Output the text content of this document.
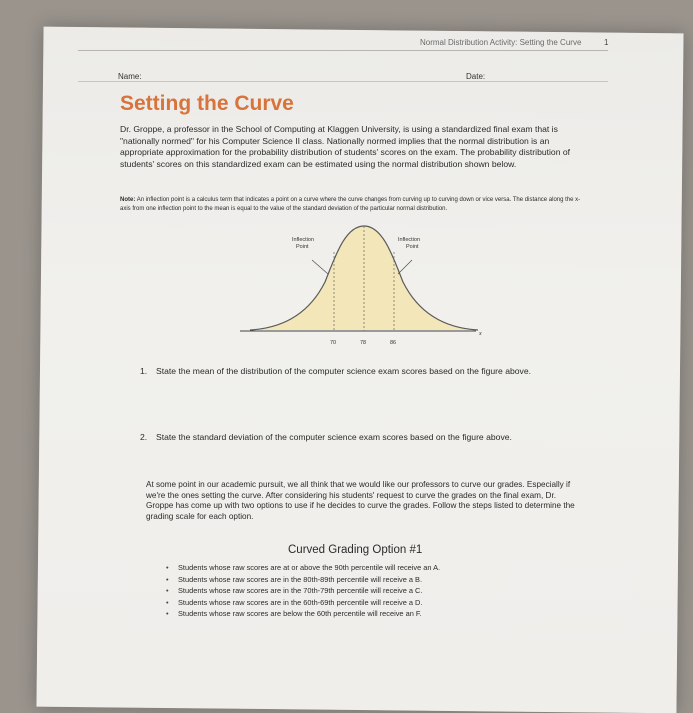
Normal Distribution Activity: Setting the Curve	1
Name:	Date:
Setting the Curve

Dr. Groppe, a professor in the School of Computing at Klaggen University, is using a standardized final exam that is "nationally normed" for his Computer Science II class. Nationally normed implies that the normal distribution is an appropriate approximation for the probability distribution of students' scores on the exam. The probability distribution of students' scores on this standardized exam can be estimated using the normal distribution shown below.

Note: An inflection point is a calculus term that indicates a point on a curve where the curve changes from curving up to curving down or vice versa. The distance along the x-axis from one inflection point to the mean is equal to the value of the standard deviation of the particular normal distribution.

Inflection
Point
Inflection
Point
x
70	78	86
1. State the mean of the distribution of the computer science exam scores based on the figure above.
2. State the standard deviation of the computer science exam scores based on the figure above.

At some point in our academic pursuit, we all think that we would like our professors to curve our grades. Especially if we're the ones setting the curve. After considering his students' request to curve the grades on the final exam, Dr. Groppe has come up with two options to use if he decides to curve the grades. Follow the steps listed to determine the grading scale for each option.

Curved Grading Option #1
• Students whose raw scores are at or above the 90th percentile will receive an A.
• Students whose raw scores are in the 80th-89th percentile will receive a B.
• Students whose raw scores are in the 70th-79th percentile will receive a C.
• Students whose raw scores are in the 60th-69th percentile will receive a D.
• Students whose raw scores are below the 60th percentile will receive an F.
